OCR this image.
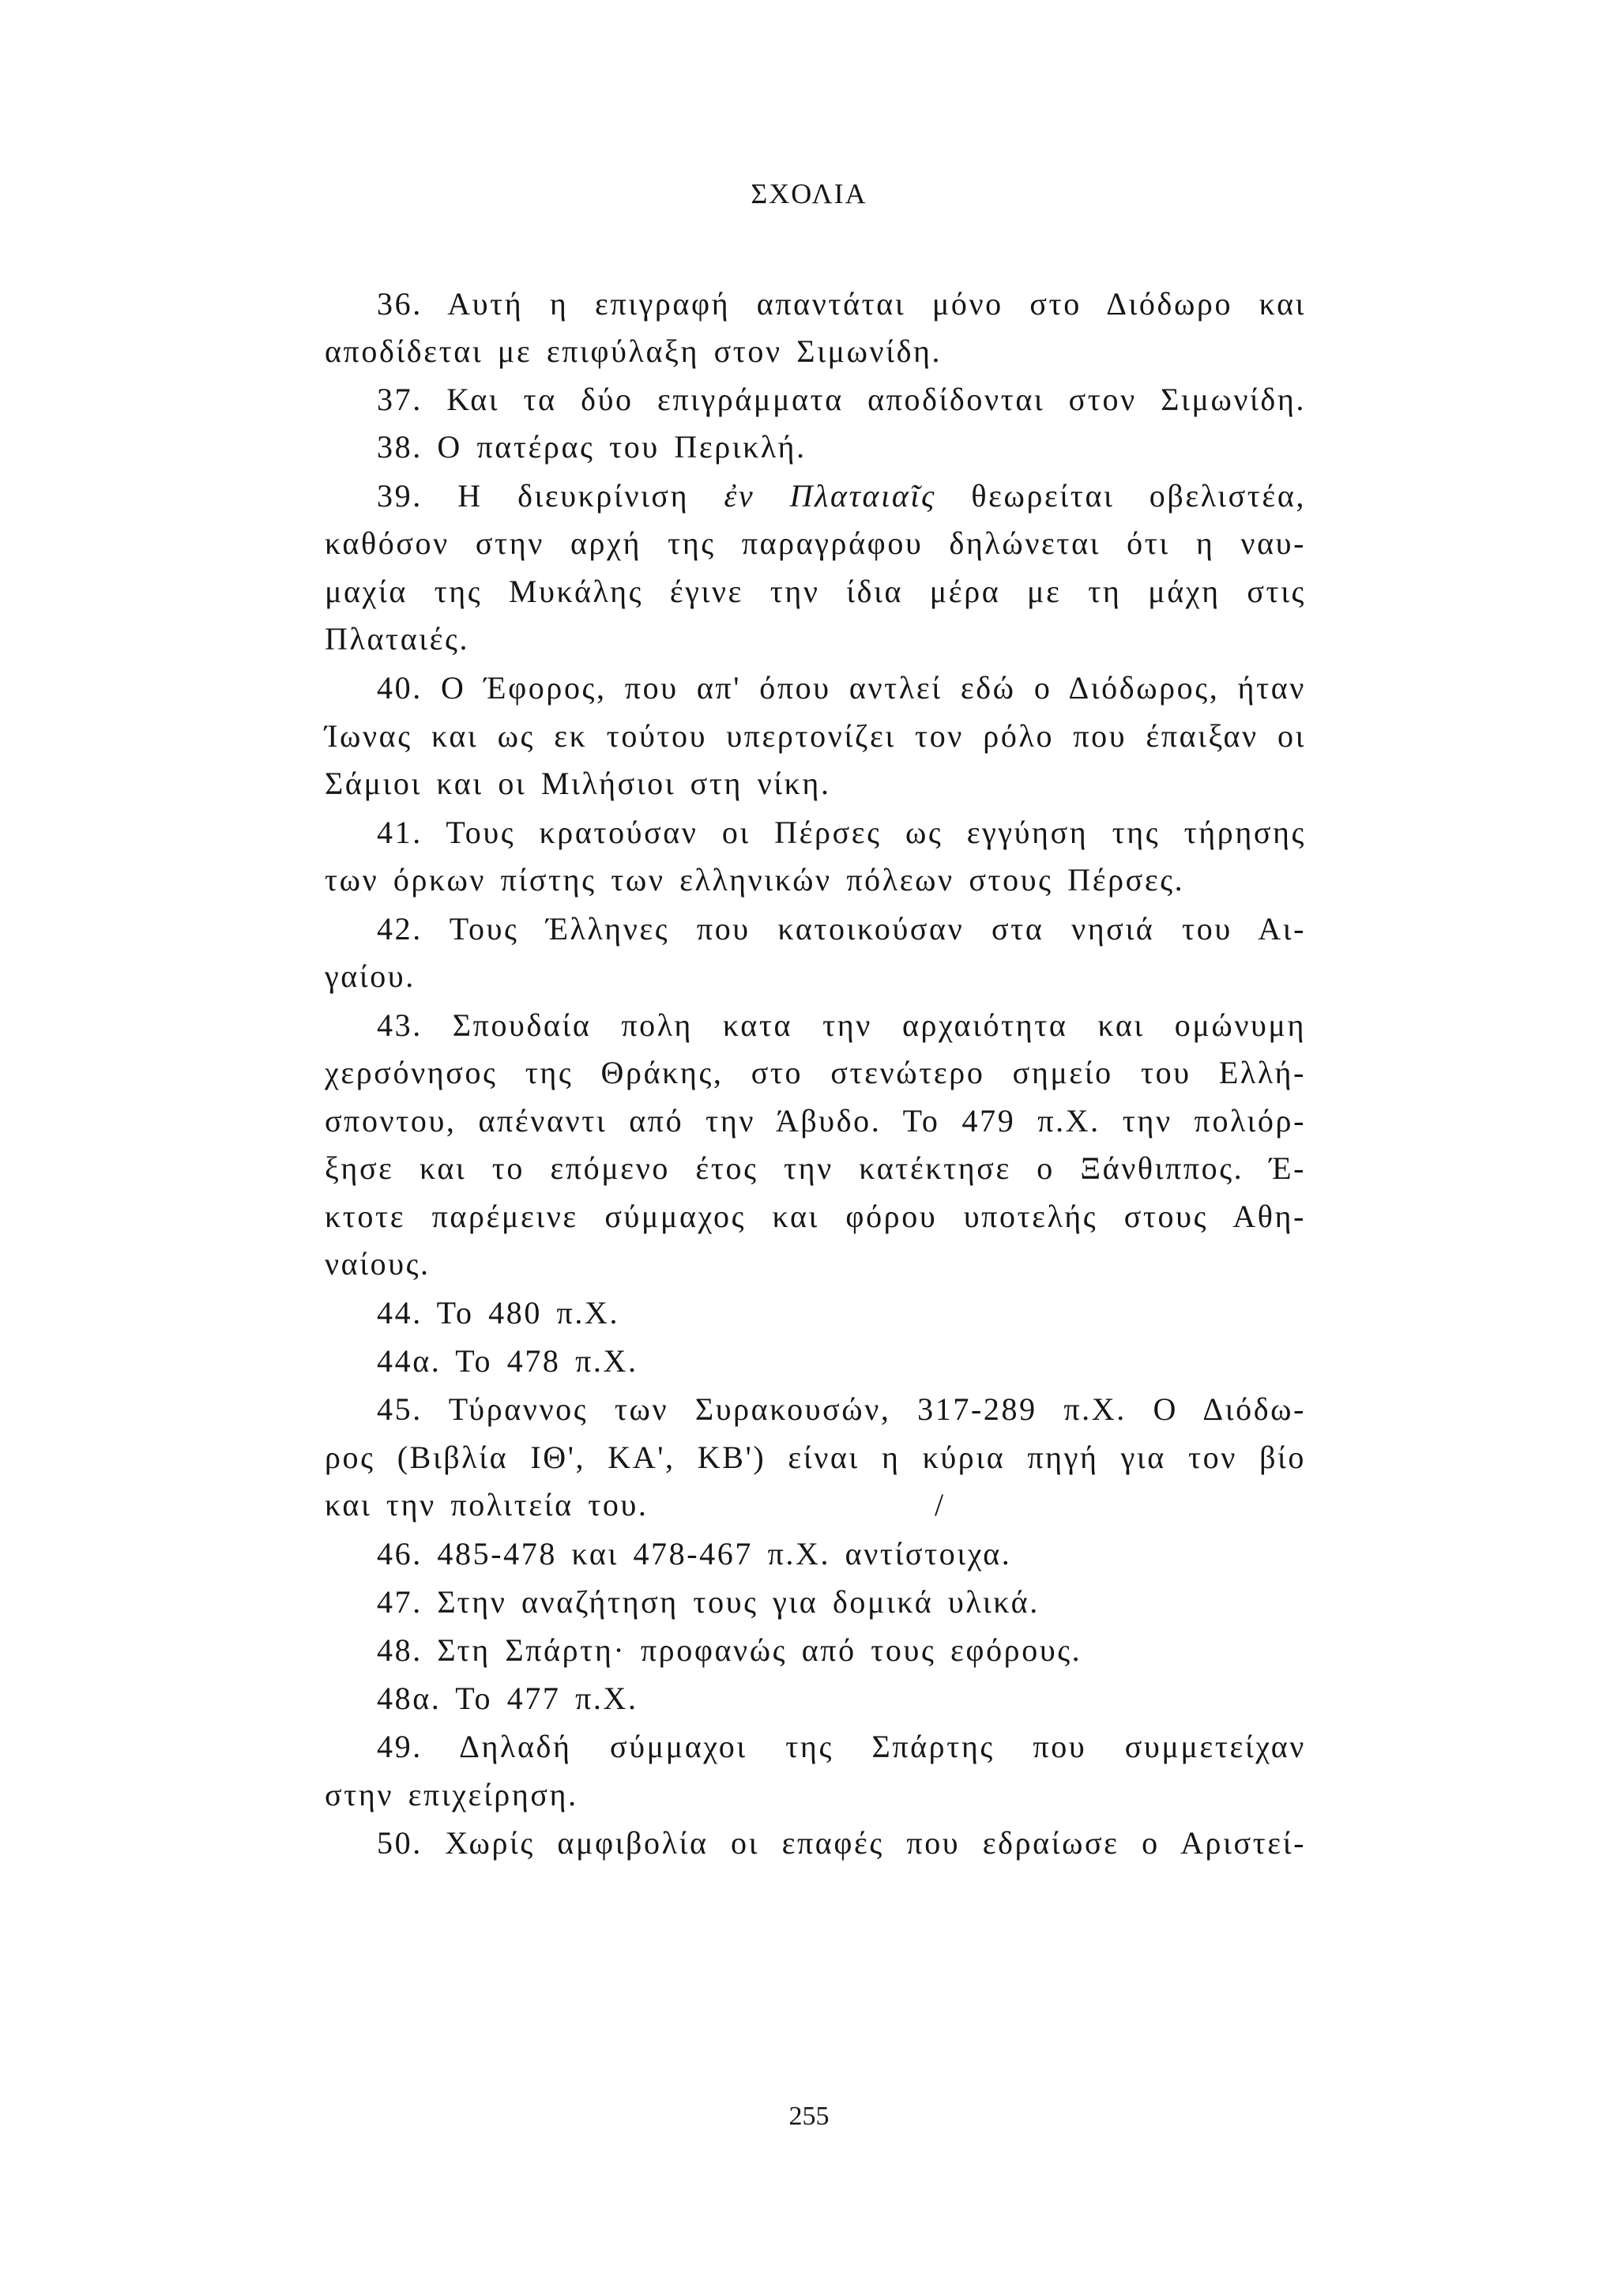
ΣΧΟΛΙΑ
36. Αυτή η επιγραφή απαντάται μόνο στο Διόδωρο και
αποδίδεται με επιφύλαξη στον Σιμωνίδη.
37. Και τα δύο επιγράμματα αποδίδονται στον Σιμωνίδη.
38. Ο πατέρας του Περικλή.
39. Η διευκρίνιση ἐν Πλαταιαῖς θεωρείται οβελιστέα,
καθόσον στην αρχή της παραγράφου δηλώνεται ότι η ναυ-
μαχία της Μυκάλης έγινε την ίδια μέρα με τη μάχη στις
Πλαταιές.
40. Ο Έφορος, που απ' όπου αντλεί εδώ ο Διόδωρος, ήταν
Ίωνας και ως εκ τούτου υπερτονίζει τον ρόλο που έπαιξαν οι
Σάμιοι και οι Μιλήσιοι στη νίκη.
41. Τους κρατούσαν οι Πέρσες ως εγγύηση της τήρησης
των όρκων πίστης των ελληνικών πόλεων στους Πέρσες.
42. Τους Έλληνες που κατοικούσαν στα νησιά του Αι-
γαίου.
43. Σπουδαία πολη κατα την αρχαιότητα και ομώνυμη
χερσόνησος της Θράκης, στο στενώτερο σημείο του Ελλή-
σποντου, απέναντι από την Άβυδο. Το 479 π.Χ. την πολιόρ-
ξησε και το επόμενο έτος την κατέκτησε ο Ξάνθιππος. Έ-
κτοτε παρέμεινε σύμμαχος και φόρου υποτελής στους Αθη-
ναίους.
44. Το 480 π.Χ.
44α. Το 478 π.Χ.
45. Τύραννος των Συρακουσών, 317-289 π.Χ. Ο Διόδω-
ρος (Βιβλία ΙΘ', ΚΑ', ΚΒ') είναι η κύρια πηγή για τον βίο
και την πολιτεία του.	/
46. 485-478 και 478-467 π.Χ. αντίστοιχα.
47. Στην αναζήτηση τους για δομικά υλικά.
48. Στη Σπάρτη· προφανώς από τους εφόρους.
48α. Το 477 π.Χ.
49. Δηλαδή σύμμαχοι της Σπάρτης που συμμετείχαν
στην επιχείρηση.
50. Χωρίς αμφιβολία οι επαφές που εδραίωσε ο Αριστεί-
255
